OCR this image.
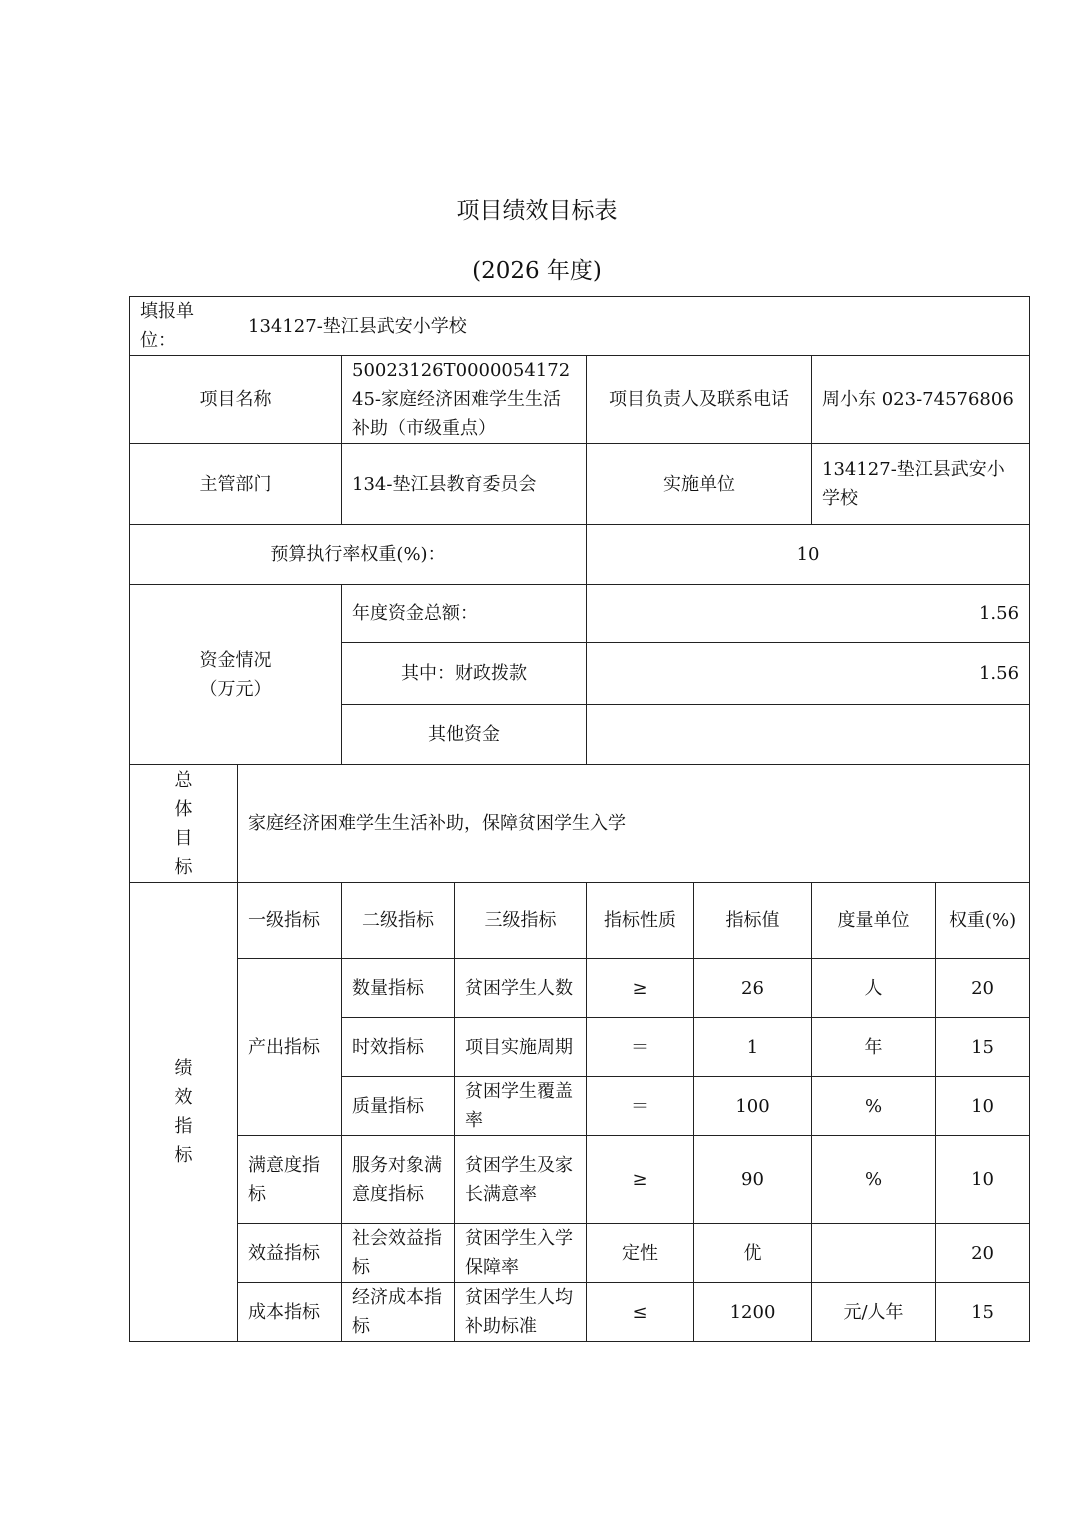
项目绩效目标表
(2026 年度)
填报单位：
134127-垫江县武安小学校							

项目名称		50023126T000005417245-家庭经济困难学生生活补助（市级重点）		项目负责人及联系电话		周小东 023-74576806	
主管部门		134-垫江县教育委员会		实施单位		134127-垫江县武安小学校	
预算执行率权重(%)：				10			

资金情况（万元）		年度资金总额：		1.56			
		其中：财政拨款		1.56			
		其他资金					

总
体
目
标	家庭经济困难学生生活补助，保障贫困学生入学						

绩
效
指
标	一级指标	二级指标	三级指标	指标性质	指标值	度量单位	权重(%)
	产出指标	数量指标	贫困学生人数	≥	26	人	20
		时效指标	项目实施周期	＝	1	年	15
		质量指标	贫困学生覆盖率	＝	100	%	10
	满意度指标	服务对象满意度指标	贫困学生及家长满意率	≥	90	%	10
	效益指标	社会效益指标	贫困学生入学保障率	定性	优		20
	成本指标	经济成本指标	贫困学生人均补助标准	≤	1200	元/人年	15
